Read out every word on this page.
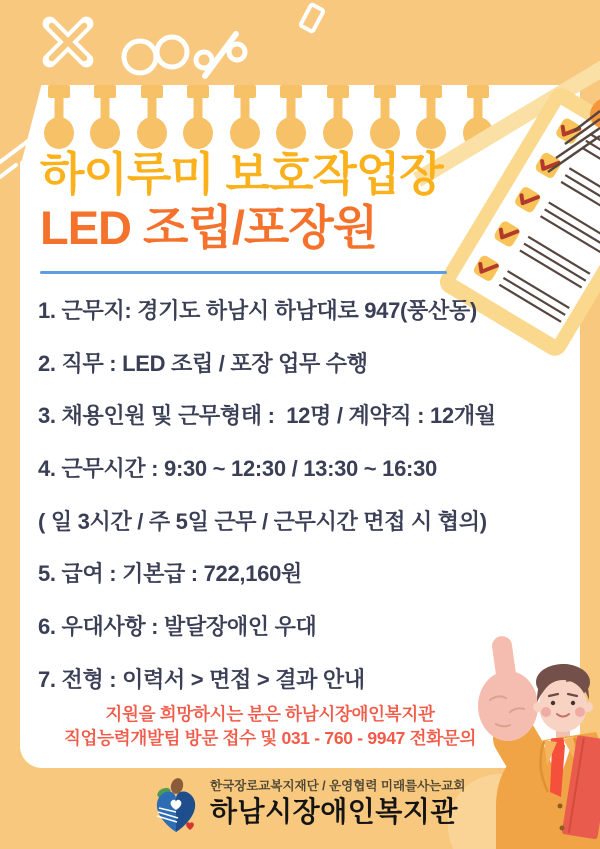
하이루미 보호작업장
LED 조립/포장원
1. 근무지: 경기도 하남시 하남대로 947(풍산동)
2. 직무 : LED 조립 / 포장 업무 수행
3. 채용인원 및 근무형태 :  12명 / 계약직 : 12개월
4. 근무시간 : 9:30 ~ 12:30 / 13:30 ~ 16:30
( 일 3시간 / 주 5일 근무 / 근무시간 면접 시 협의)
5. 급여 : 기본급 : 722,160원
6. 우대사항 : 발달장애인 우대
7. 전형 : 이력서 > 면접 > 결과 안내
지원을 희망하시는 분은 하남시장애인복지관
직업능력개발팀 방문 접수 및 031 - 760 - 9947 전화문의
한국장로교복지재단 / 운영협력 미래를사는교회
하남시장애인복지관
